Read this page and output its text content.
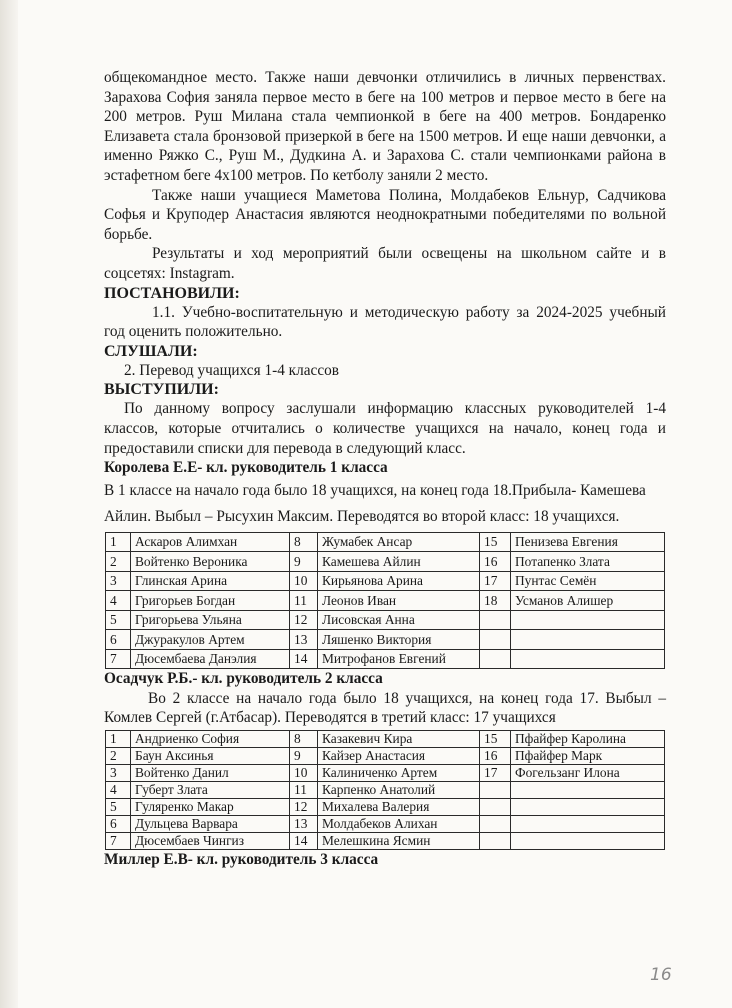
общекомандное место. Также наши девчонки отличились в личных первенствах. Зарахова София заняла первое место в беге на 100 метров и первое место в беге на 200 метров. Руш Милана стала чемпионкой в беге на 400 метров. Бондаренко Елизавета стала бронзовой призеркой в беге на 1500 метров. И еще наши девчонки, а именно Ряжко С., Руш М., Дудкина А. и Зарахова С. стали чемпионками района в эстафетном беге 4х100 метров. По кетболу заняли 2 место.

Также наши учащиеся Маметова Полина, Молдабеков Ельнур, Садчикова Софья и Круподер Анастасия являются неоднократными победителями по вольной борьбе.

Результаты и ход мероприятий были освещены на школьном сайте и в соцсетях: Instagram.

ПОСТАНОВИЛИ:

1.1. Учебно-воспитательную и методическую работу за 2024-2025 учебный год оценить положительно.

СЛУШАЛИ:

2. Перевод учащихся 1-4 классов

ВЫСТУПИЛИ:

По данному вопросу заслушали информацию классных руководителей 1-4 классов, которые отчитались о количестве учащихся на начало, конец года и предоставили списки для перевода в следующий класс.

Королева Е.Е- кл. руководитель 1 класса

В 1 классе на начало года было 18 учащихся, на конец года 18.Прибыла- Камешева Айлин. Выбыл – Рысухин Максим. Переводятся во второй класс: 18 учащихся.

1	Аскаров Алимхан	8	Жумабек Ансар	15	Пенизева Евгения
2	Войтенко Вероника	9	Камешева Айлин	16	Потапенко Злата
3	Глинская Арина	10	Кирьянова Арина	17	Пунтас Семён
4	Григорьев Богдан	11	Леонов Иван	18	Усманов Алишер
5	Григорьева Ульяна	12	Лисовская Анна		
6	Джуракулов Артем	13	Ляшенко Виктория		
7	Дюсембаева Данэлия	14	Митрофанов Евгений		

Осадчук Р.Б.- кл. руководитель 2 класса

Во 2 классе на начало года было 18 учащихся, на конец года 17. Выбыл – Комлев Сергей (г.Атбасар). Переводятся в третий класс: 17 учащихся

1	Андриенко София	8	Казакевич Кира	15	Пфайфер Каролина
2	Баун Аксинья	9	Кайзер Анастасия	16	Пфайфер Марк
3	Войтенко Данил	10	Калиниченко Артем	17	Фогельзанг Илона
4	Губерт Злата	11	Карпенко Анатолий		
5	Гуляренко Макар	12	Михалева Валерия		
6	Дульцева Варвара	13	Молдабеков Алихан		
7	Дюсембаев Чингиз	14	Мелешкина Ясмин		

Миллер Е.В- кл. руководитель 3 класса

16
